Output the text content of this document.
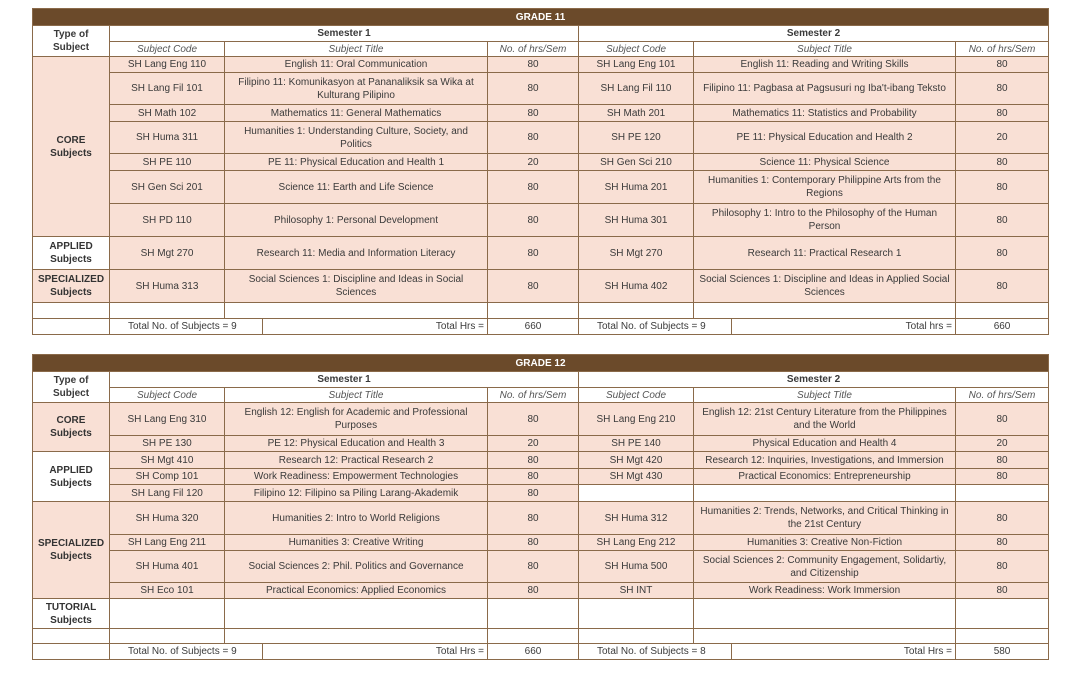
GRADE 11								
Type of Subject	Semester 1				Semester 2			
	Subject Code	Subject Title		No. of hrs/Sem	Subject Code	Subject Title		No. of hrs/Sem
CORE Subjects	SH Lang Eng 110	English 11: Oral Communication		80	SH Lang Eng 101	English 11: Reading and Writing Skills		80
	SH Lang Fil 101	Filipino 11: Komunikasyon at Pananaliksik sa Wika at Kulturang Pilipino		80	SH Lang Fil 110	Filipino 11: Pagbasa at Pagsusuri ng Iba't-ibang Teksto		80
	SH Math 102	Mathematics 11: General Mathematics		80	SH Math 201	Mathematics 11: Statistics and Probability		80
	SH Huma 311	Humanities 1: Understanding Culture, Society, and Politics		80	SH PE 120	PE 11: Physical Education and Health 2		20
	SH PE 110	PE 11: Physical Education and Health 1		20	SH Gen Sci 210	Science 11: Physical Science		80
	SH Gen Sci 201	Science 11: Earth and Life Science		80	SH Huma 201	Humanities 1: Contemporary Philippine Arts from the Regions		80
	SH PD 110	Philosophy 1: Personal Development		80	SH Huma 301	Philosophy 1: Intro to the Philosophy of the Human Person		80
APPLIED Subjects	SH Mgt 270	Research 11: Media and Information Literacy		80	SH Mgt 270	Research 11: Practical Research 1		80
SPECIALIZED Subjects	SH Huma 313	Social Sciences 1: Discipline and Ideas in Social Sciences		80	SH Huma 402	Social Sciences 1: Discipline and Ideas in Applied Social Sciences		80

	Total No. of Subjects = 9		Total Hrs =	660	Total No. of Subjects = 9		Total hrs =	660
GRADE 12								
Type of Subject	Semester 1				Semester 2			
	Subject Code	Subject Title		No. of hrs/Sem	Subject Code	Subject Title		No. of hrs/Sem
CORE Subjects	SH Lang Eng 310	English 12: English for Academic and Professional Purposes		80	SH Lang Eng 210	English 12: 21st Century Literature from the Philippines and the World		80
	SH PE 130	PE 12: Physical Education and Health 3		20	SH PE 140	Physical Education and Health 4		20
APPLIED Subjects	SH Mgt 410	Research 12: Practical Research 2		80	SH Mgt 420	Research 12: Inquiries, Investigations, and Immersion		80
	SH Comp 101	Work Readiness: Empowerment Technologies		80	SH Mgt 430	Practical Economics: Entrepreneurship		80
	SH Lang Fil 120	Filipino 12: Filipino sa Piling Larang-Akademik		80				
SPECIALIZED Subjects	SH Huma 320	Humanities 2: Intro to World Religions		80	SH Huma 312	Humanities 2: Trends, Networks, and Critical Thinking in the 21st Century		80
	SH Lang Eng 211	Humanities 3: Creative Writing		80	SH Lang Eng 212	Humanities 3: Creative Non-Fiction		80
	SH Huma 401	Social Sciences 2: Phil. Politics and Governance		80	SH Huma 500	Social Sciences 2: Community Engagement, Solidartiy, and Citizenship		80
	SH Eco 101	Practical Economics: Applied Economics		80	SH INT	Work Readiness: Work Immersion		80
TUTORIAL Subjects								

	Total No. of Subjects = 9		Total Hrs =	660	Total No. of Subjects = 8		Total Hrs =	580
